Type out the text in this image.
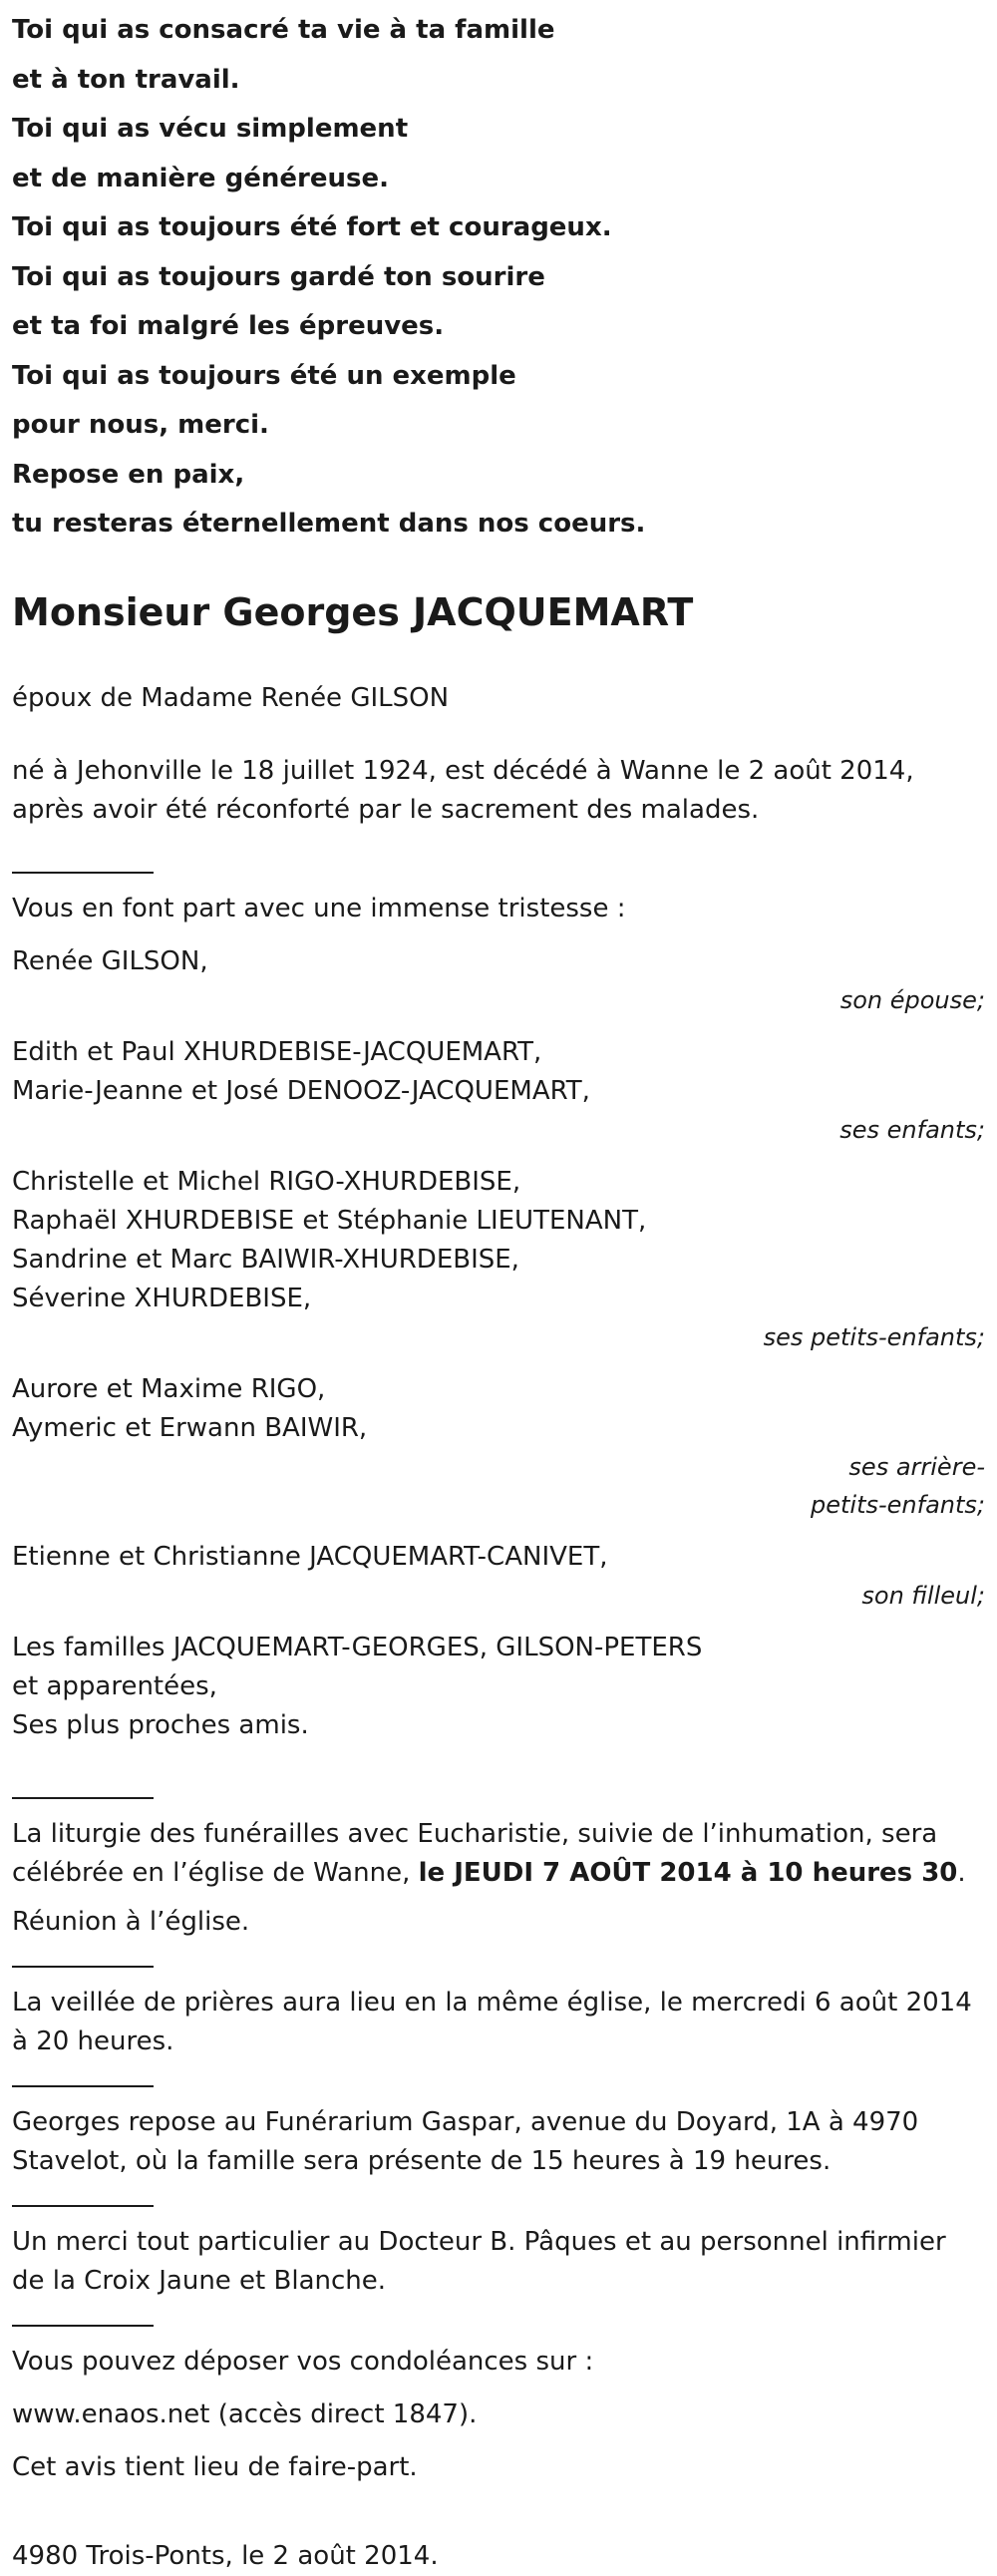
Toi qui as consacré ta vie à ta famille

et à ton travail.

Toi qui as vécu simplement

et de manière généreuse.

Toi qui as toujours été fort et courageux.

Toi qui as toujours gardé ton sourire

et ta foi malgré les épreuves.

Toi qui as toujours été un exemple

pour nous, merci.

Repose en paix,

tu resteras éternellement dans nos coeurs.

Monsieur Georges JACQUEMART

époux de Madame Renée GILSON

né à Jehonville le 18 juillet 1924, est décédé à Wanne le 2 août 2014, après avoir été réconforté par le sacrement des malades.

Vous en font part avec une immense tristesse :

Renée GILSON,

son épouse;

Edith et Paul XHURDEBISE-JACQUEMART,

Marie-Jeanne et José DENOOZ-JACQUEMART,

ses enfants;

Christelle et Michel RIGO-XHURDEBISE,

Raphaël XHURDEBISE et Stéphanie LIEUTENANT,

Sandrine et Marc BAIWIR-XHURDEBISE,

Séverine XHURDEBISE,

ses petits-enfants;

Aurore et Maxime RIGO,

Aymeric et Erwann BAIWIR,

ses arrière-petits-enfants;

Etienne et Christianne JACQUEMART-CANIVET,

son filleul;

Les familles JACQUEMART-GEORGES, GILSON-PETERS

et apparentées,

Ses plus proches amis.

La liturgie des funérailles avec Eucharistie, suivie de l’inhumation, sera célébrée en l’église de Wanne, le JEUDI 7 AOÛT 2014 à 10 heures 30.

Réunion à l’église.

La veillée de prières aura lieu en la même église, le mercredi 6 août 2014 à 20 heures.

Georges repose au Funérarium Gaspar, avenue du Doyard, 1A à 4970 Stavelot, où la famille sera présente de 15 heures à 19 heures.

Un merci tout particulier au Docteur B. Pâques et au personnel infirmier de la Croix Jaune et Blanche.

Vous pouvez déposer vos condoléances sur :

www.enaos.net (accès direct 1847).

Cet avis tient lieu de faire-part.

4980 Trois-Ponts, le 2 août 2014.
